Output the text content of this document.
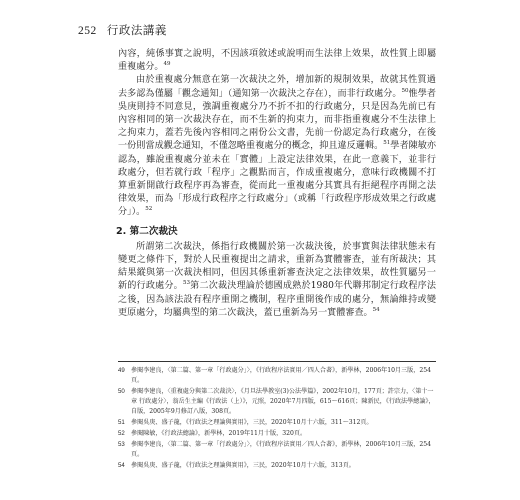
252 行政法講義

內容，純係事實之說明，不因該項敘述或說明而生法律上效果，故性質上即屬重複處分。$^{49}$

由於重複處分無意在第一次裁決之外，增加新的規制效果，故就其性質過去多認為僅屬「觀念通知」（通知第一次裁決之存在），而非行政處分。$^{50}$惟學者吳庚則持不同意見，強調重複處分乃不折不扣的行政處分，只是因為先前已有內容相同的第一次裁決存在，而不生新的拘束力，而非指重複處分不生法律上之拘束力，蓋若先後內容相同之兩份公文書，先前一份認定為行政處分，在後一份則當成觀念通知，不僅忽略重複處分的概念，抑且違反邏輯。$^{51}$學者陳敏亦認為，雖說重複處分並未在「實體」上設定法律效果，在此一意義下，並非行政處分，但若就行政「程序」之觀點而言，作成重複處分，意味行政機關不打算重新開啟行政程序再為審查，從而此一重複處分其實具有拒絕程序再開之法律效果，而為「形成行政程序之行政處分」（或稱「行政程序形成效果之行政處分」）。$^{52}$

2. 第二次裁決

所謂第二次裁決，係指行政機關於第一次裁決後，於事實與法律狀態未有變更之條件下，對於人民重複提出之請求，重新為實體審查，並有所裁決；其結果縱與第一次裁決相同，但因其係重新審查決定之法律效果，故性質屬另一新的行政處分。$^{53}$第二次裁決理論於德國成熟於1980年代聯邦制定行政程序法之後，因為該法設有程序重開之機制，程序重開後作成的處分，無論維持或變更原處分，均屬典型的第二次裁決，蓋已重新為另一實體審查。$^{54}$

49	參閱李建良，〈第二篇、第一章「行政處分」〉，《行政程序法實用／四人合著》，新學林，2006年10月三版，254頁。
50	參閱李建良，〈重複處分與第二次裁決〉，《月旦法學教室(3)公法學篇》，2002年10月，177頁；許宗力，〈第十一章 行政處分〉，翁岳生主編《行政法（上）》，元照，2020年7月四版，615～616頁；陳新民，《行政法學總論》，自版，2005年9月修訂八版，308頁。
51	參閱吳庚、盛子龍，《行政法之理論與實用》，三民，2020年10月十六版，311～312頁。
52	參閱陳敏，《行政法總論》，新學林，2019年11月十版，320頁。
53	參閱李建良，〈第二篇、第一章「行政處分」〉，《行政程序法實用／四人合著》，新學林，2006年10月三版，254頁。
54	參閱吳庚、盛子龍，《行政法之理論與實用》，三民，2020年10月十六版，313頁。
